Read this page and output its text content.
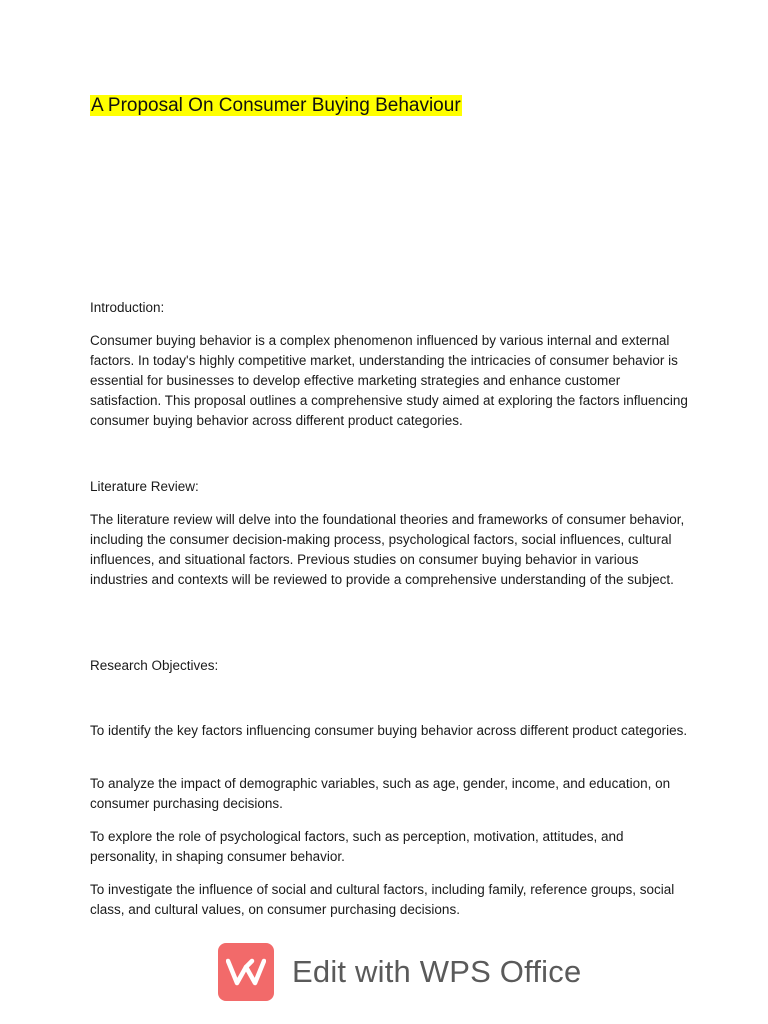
A Proposal On Consumer Buying Behaviour
Introduction:

Consumer buying behavior is a complex phenomenon influenced by various internal and external factors. In today's highly competitive market, understanding the intricacies of consumer behavior is essential for businesses to develop effective marketing strategies and enhance customer satisfaction. This proposal outlines a comprehensive study aimed at exploring the factors influencing consumer buying behavior across different product categories.

Literature Review:

The literature review will delve into the foundational theories and frameworks of consumer behavior, including the consumer decision-making process, psychological factors, social influences, cultural influences, and situational factors. Previous studies on consumer buying behavior in various industries and contexts will be reviewed to provide a comprehensive understanding of the subject.

Research Objectives:

To identify the key factors influencing consumer buying behavior across different product categories.

To analyze the impact of demographic variables, such as age, gender, income, and education, on consumer purchasing decisions.

To explore the role of psychological factors, such as perception, motivation, attitudes, and personality, in shaping consumer behavior.

To investigate the influence of social and cultural factors, including family, reference groups, social class, and cultural values, on consumer purchasing decisions.

Edit with WPS Office
